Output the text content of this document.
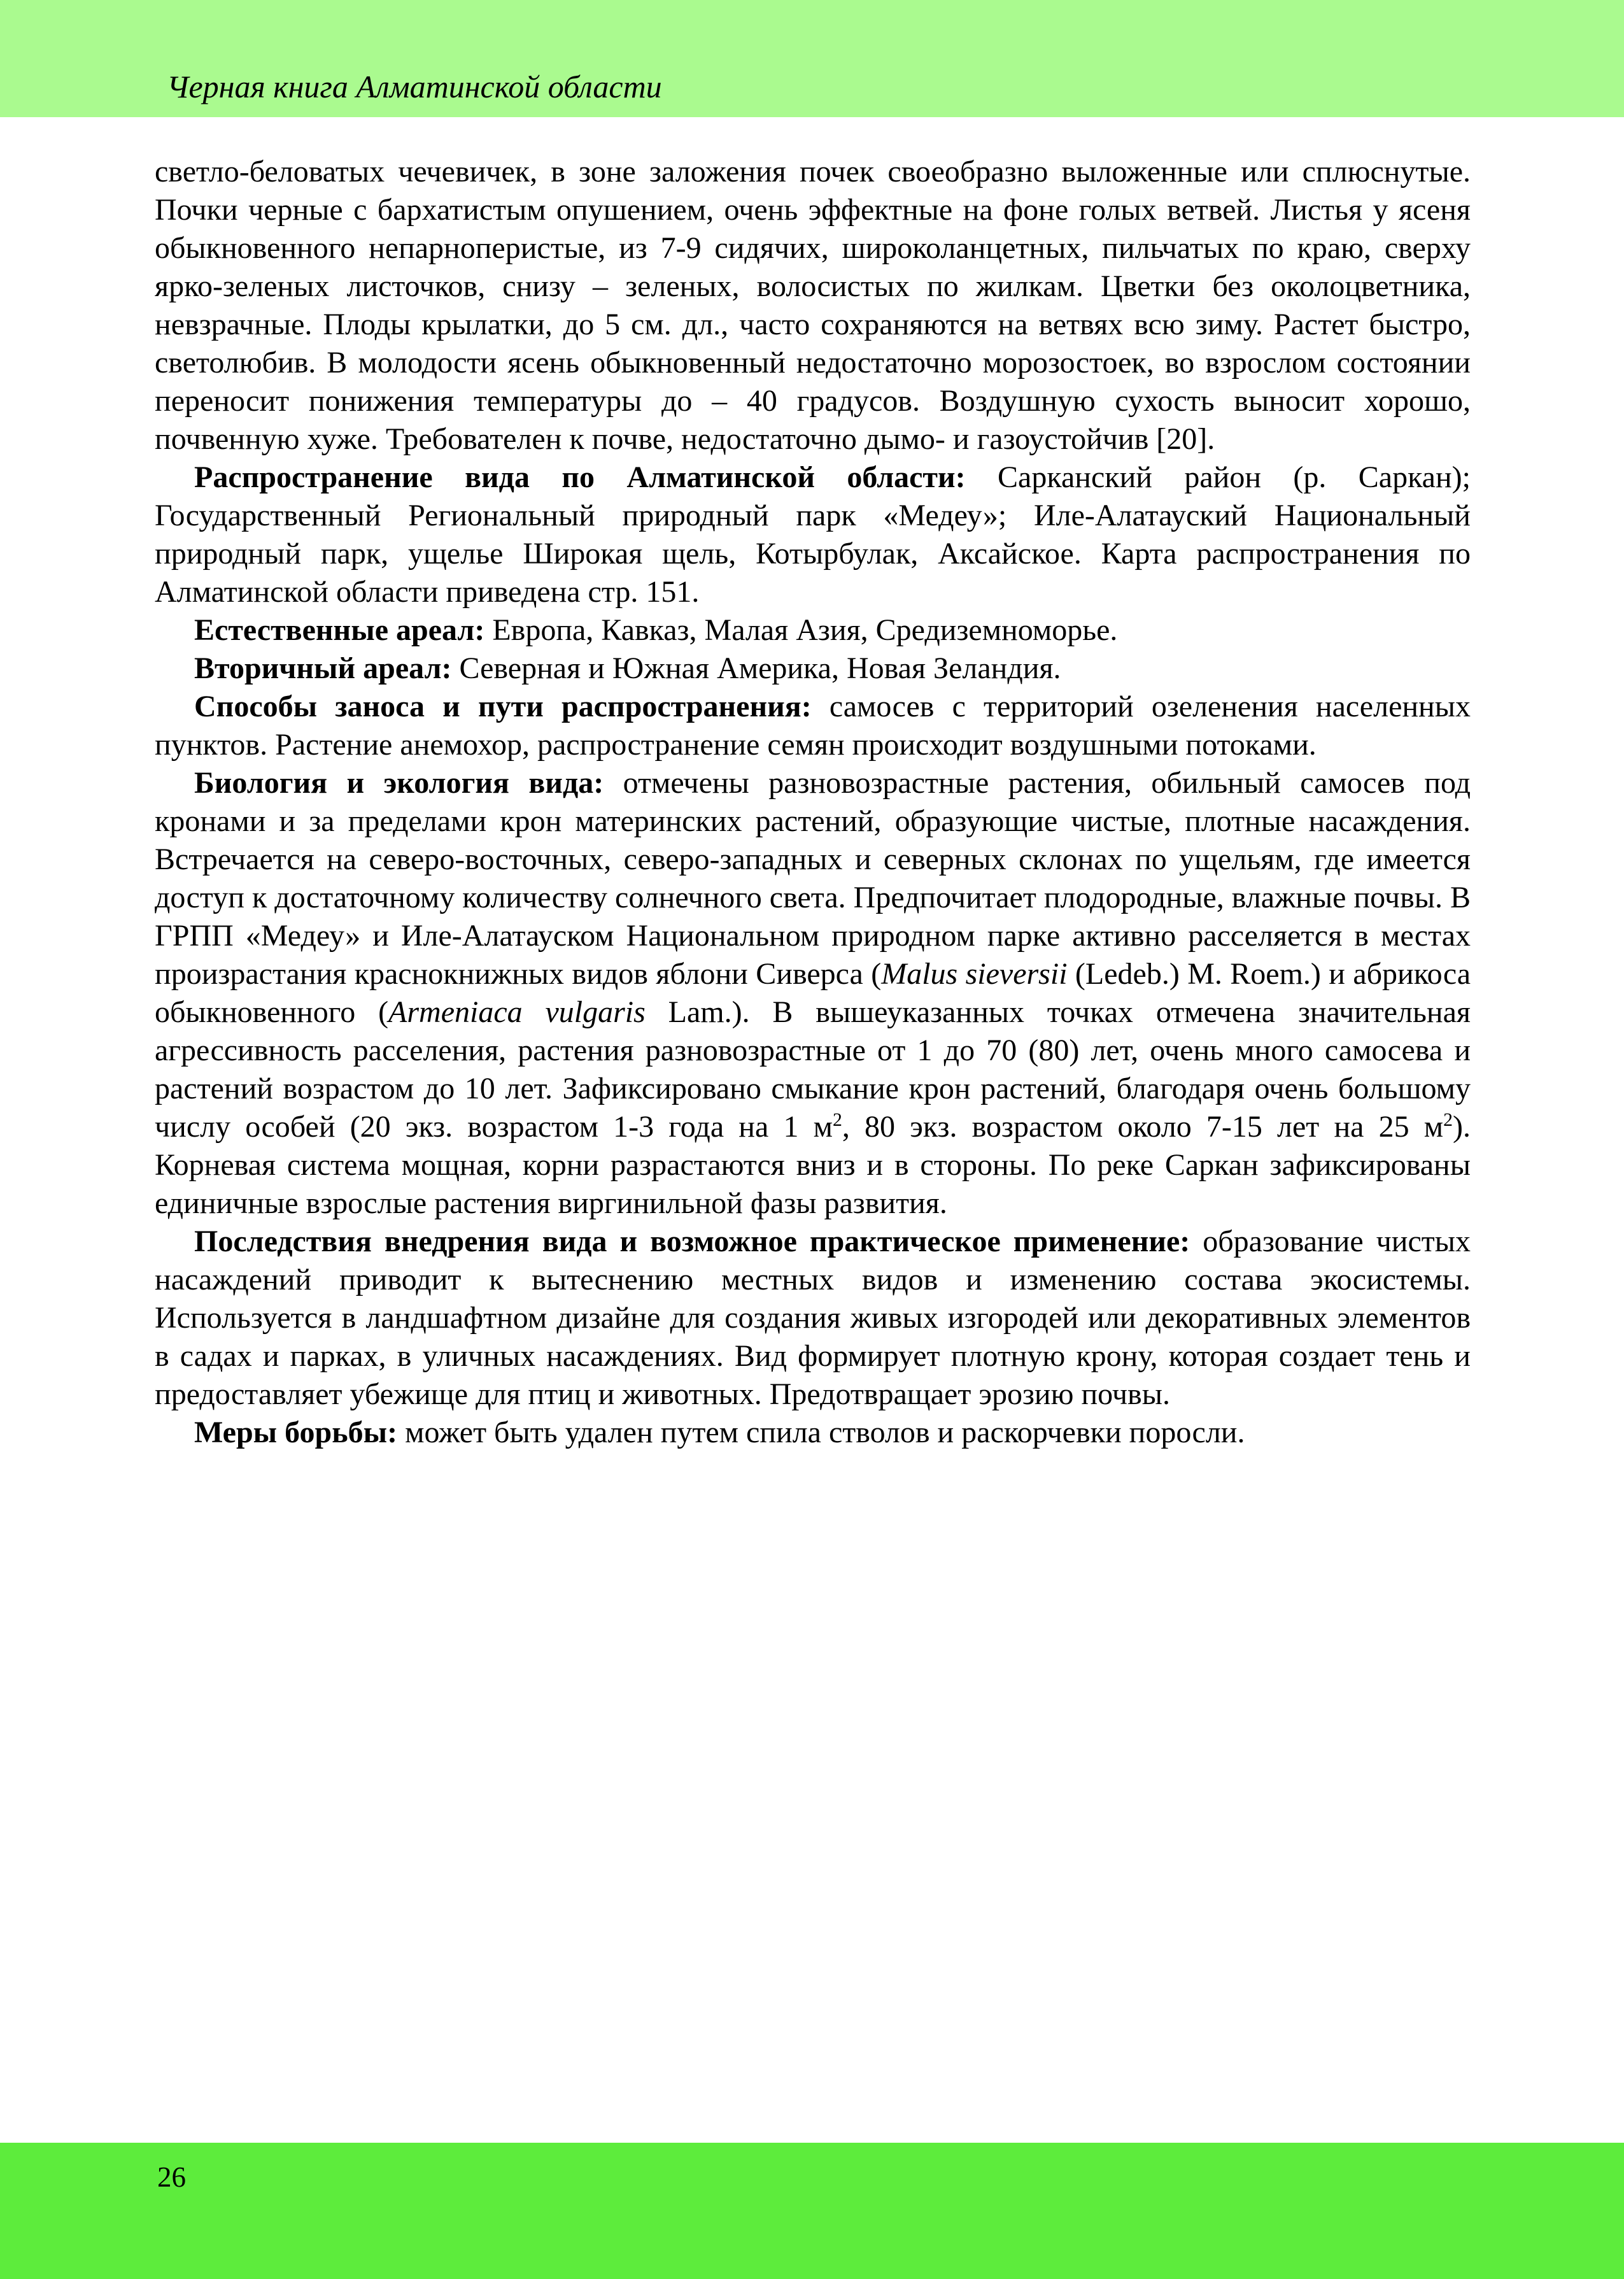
Черная книга Алматинской области

светло-беловатых чечевичек, в зоне заложения почек своеобразно выложенные или сплюснутые. Почки черные с бархатистым опушением, очень эффектные на фоне голых ветвей. Листья у ясеня обыкновенного непарноперистые, из 7-9 сидячих, широколанцетных, пильчатых по краю, сверху ярко-зеленых листочков, снизу – зеленых, волосистых по жилкам. Цветки без околоцветника, невзрачные. Плоды крылатки, до 5 см. дл., часто сохраняются на ветвях всю зиму. Растет быстро, светолюбив. В молодости ясень обыкновенный недостаточно морозостоек, во взрослом состоянии переносит понижения температуры до – 40 градусов. Воздушную сухость выносит хорошо, почвенную хуже. Требователен к почве, недостаточно дымо- и газоустойчив [20].

Распространение вида по Алматинской области: Сарканский район (р. Саркан); Государственный Региональный природный парк «Медеу»; Иле-Алатауский Национальный природный парк, ущелье Широкая щель, Котырбулак, Аксайское. Карта распространения по Алматинской области приведена стр. 151.

Естественные ареал: Европа, Кавказ, Малая Азия, Средиземноморье.

Вторичный ареал: Северная и Южная Америка, Новая Зеландия.

Способы заноса и пути распространения: самосев с территорий озеленения населенных пунктов. Растение анемохор, распространение семян происходит воздушными потоками.

Биология и экология вида: отмечены разновозрастные растения, обильный самосев под кронами и за пределами крон материнских растений, образующие чистые, плотные насаждения. Встречается на северо-восточных, северо-западных и северных склонах по ущельям, где имеется доступ к достаточному количеству солнечного света. Предпочитает плодородные, влажные почвы. В ГРПП «Медеу» и Иле-Алатауском Национальном природном парке активно расселяется в местах произрастания краснокнижных видов яблони Сиверса (Malus sieversii (Ledeb.) M. Roem.) и абрикоса обыкновенного (Armeniaca vulgaris Lam.). В вышеуказанных точках отмечена значительная агрессивность расселения, растения разновозрастные от 1 до 70 (80) лет, очень много самосева и растений возрастом до 10 лет. Зафиксировано смыкание крон растений, благодаря очень большому числу особей (20 экз. возрастом 1-3 года на 1 $м^2$, 80 экз. возрастом около 7-15 лет на 25 $м^2$). Корневая система мощная, корни разрастаются вниз и в стороны. По реке Саркан зафиксированы единичные взрослые растения виргинильной фазы развития.

Последствия внедрения вида и возможное практическое применение: образование чистых насаждений приводит к вытеснению местных видов и изменению состава экосистемы. Используется в ландшафтном дизайне для создания живых изгородей или декоративных элементов в садах и парках, в уличных насаждениях. Вид формирует плотную крону, которая создает тень и предоставляет убежище для птиц и животных. Предотвращает эрозию почвы.

Меры борьбы: может быть удален путем спила стволов и раскорчевки поросли.

26
